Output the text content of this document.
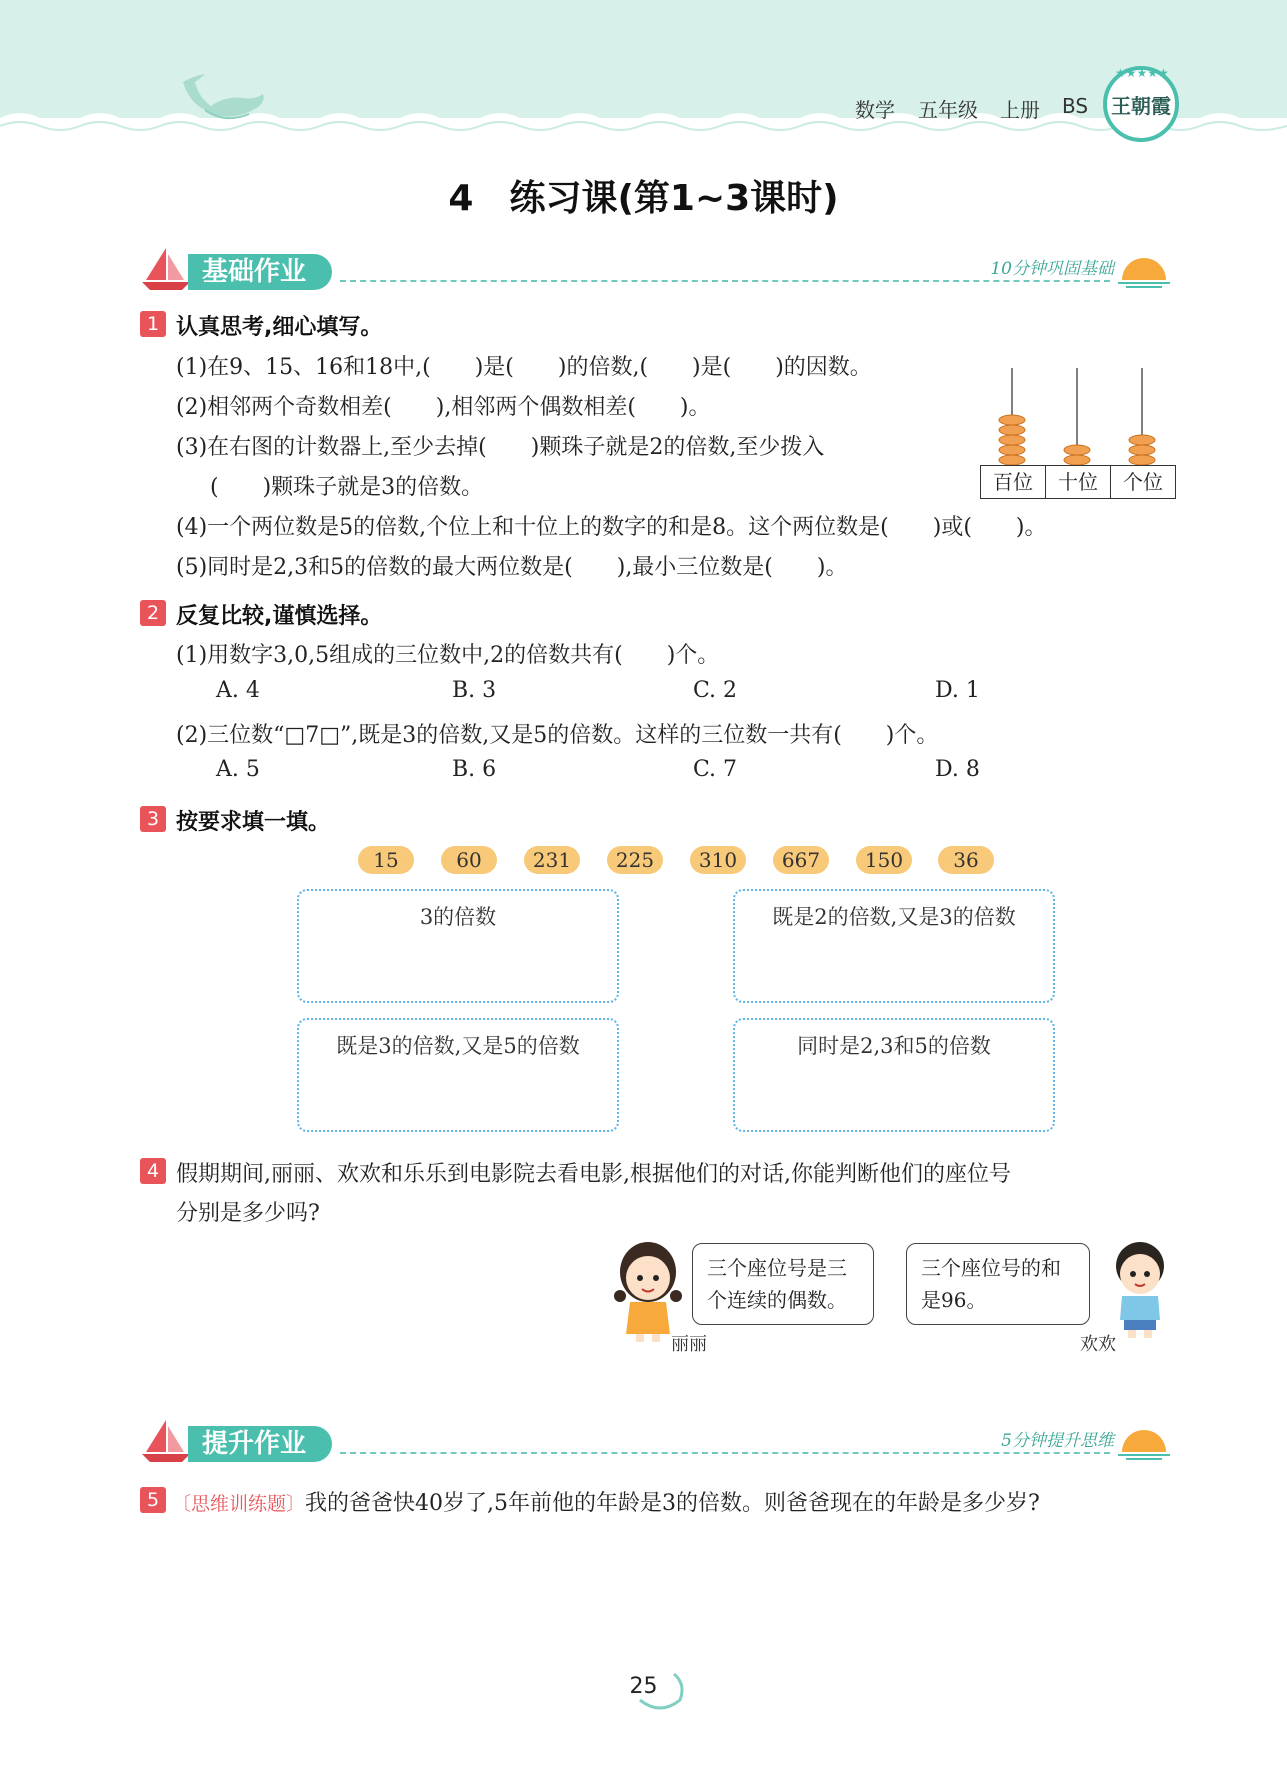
数学 五年级 上册 BS
★★★★★
王朝霞
4　练习课(第1~3课时)
基础作业	10分钟巩固基础
1 认真思考,细心填写。
(1)在9、15、16和18中,(　　)是(　　)的倍数,(　　)是(　　)的因数。
(2)相邻两个奇数相差(　　),相邻两个偶数相差(　　)。
(3)在右图的计数器上,至少去掉(　　)颗珠子就是2的倍数,至少拨入
(　　)颗珠子就是3的倍数。
(4)一个两位数是5的倍数,个位上和十位上的数字的和是8。这个两位数是(　　)或(　　)。
(5)同时是2,3和5的倍数的最大两位数是(　　),最小三位数是(　　)。
百位	十位	个位
2 反复比较,谨慎选择。
(1)用数字3,0,5组成的三位数中,2的倍数共有(　　)个。
A. 4	B. 3	C. 2	D. 1
(2)三位数“□7□”,既是3的倍数,又是5的倍数。这样的三位数一共有(　　)个。
A. 5	B. 6	C. 7	D. 8
3 按要求填一填。
15	60	231	225	310	667	150	36
3的倍数	既是2的倍数,又是3的倍数
既是3的倍数,又是5的倍数	同时是2,3和5的倍数
4 假期期间,丽丽、欢欢和乐乐到电影院去看电影,根据他们的对话,你能判断他们的座位号
分别是多少吗?
三个座位号是三
个连续的偶数。
丽丽
三个座位号的和
是96。
欢欢
提升作业	5分钟提升思维
5 〔思维训练题〕我的爸爸快40岁了,5年前他的年龄是3的倍数。则爸爸现在的年龄是多少岁?
25
